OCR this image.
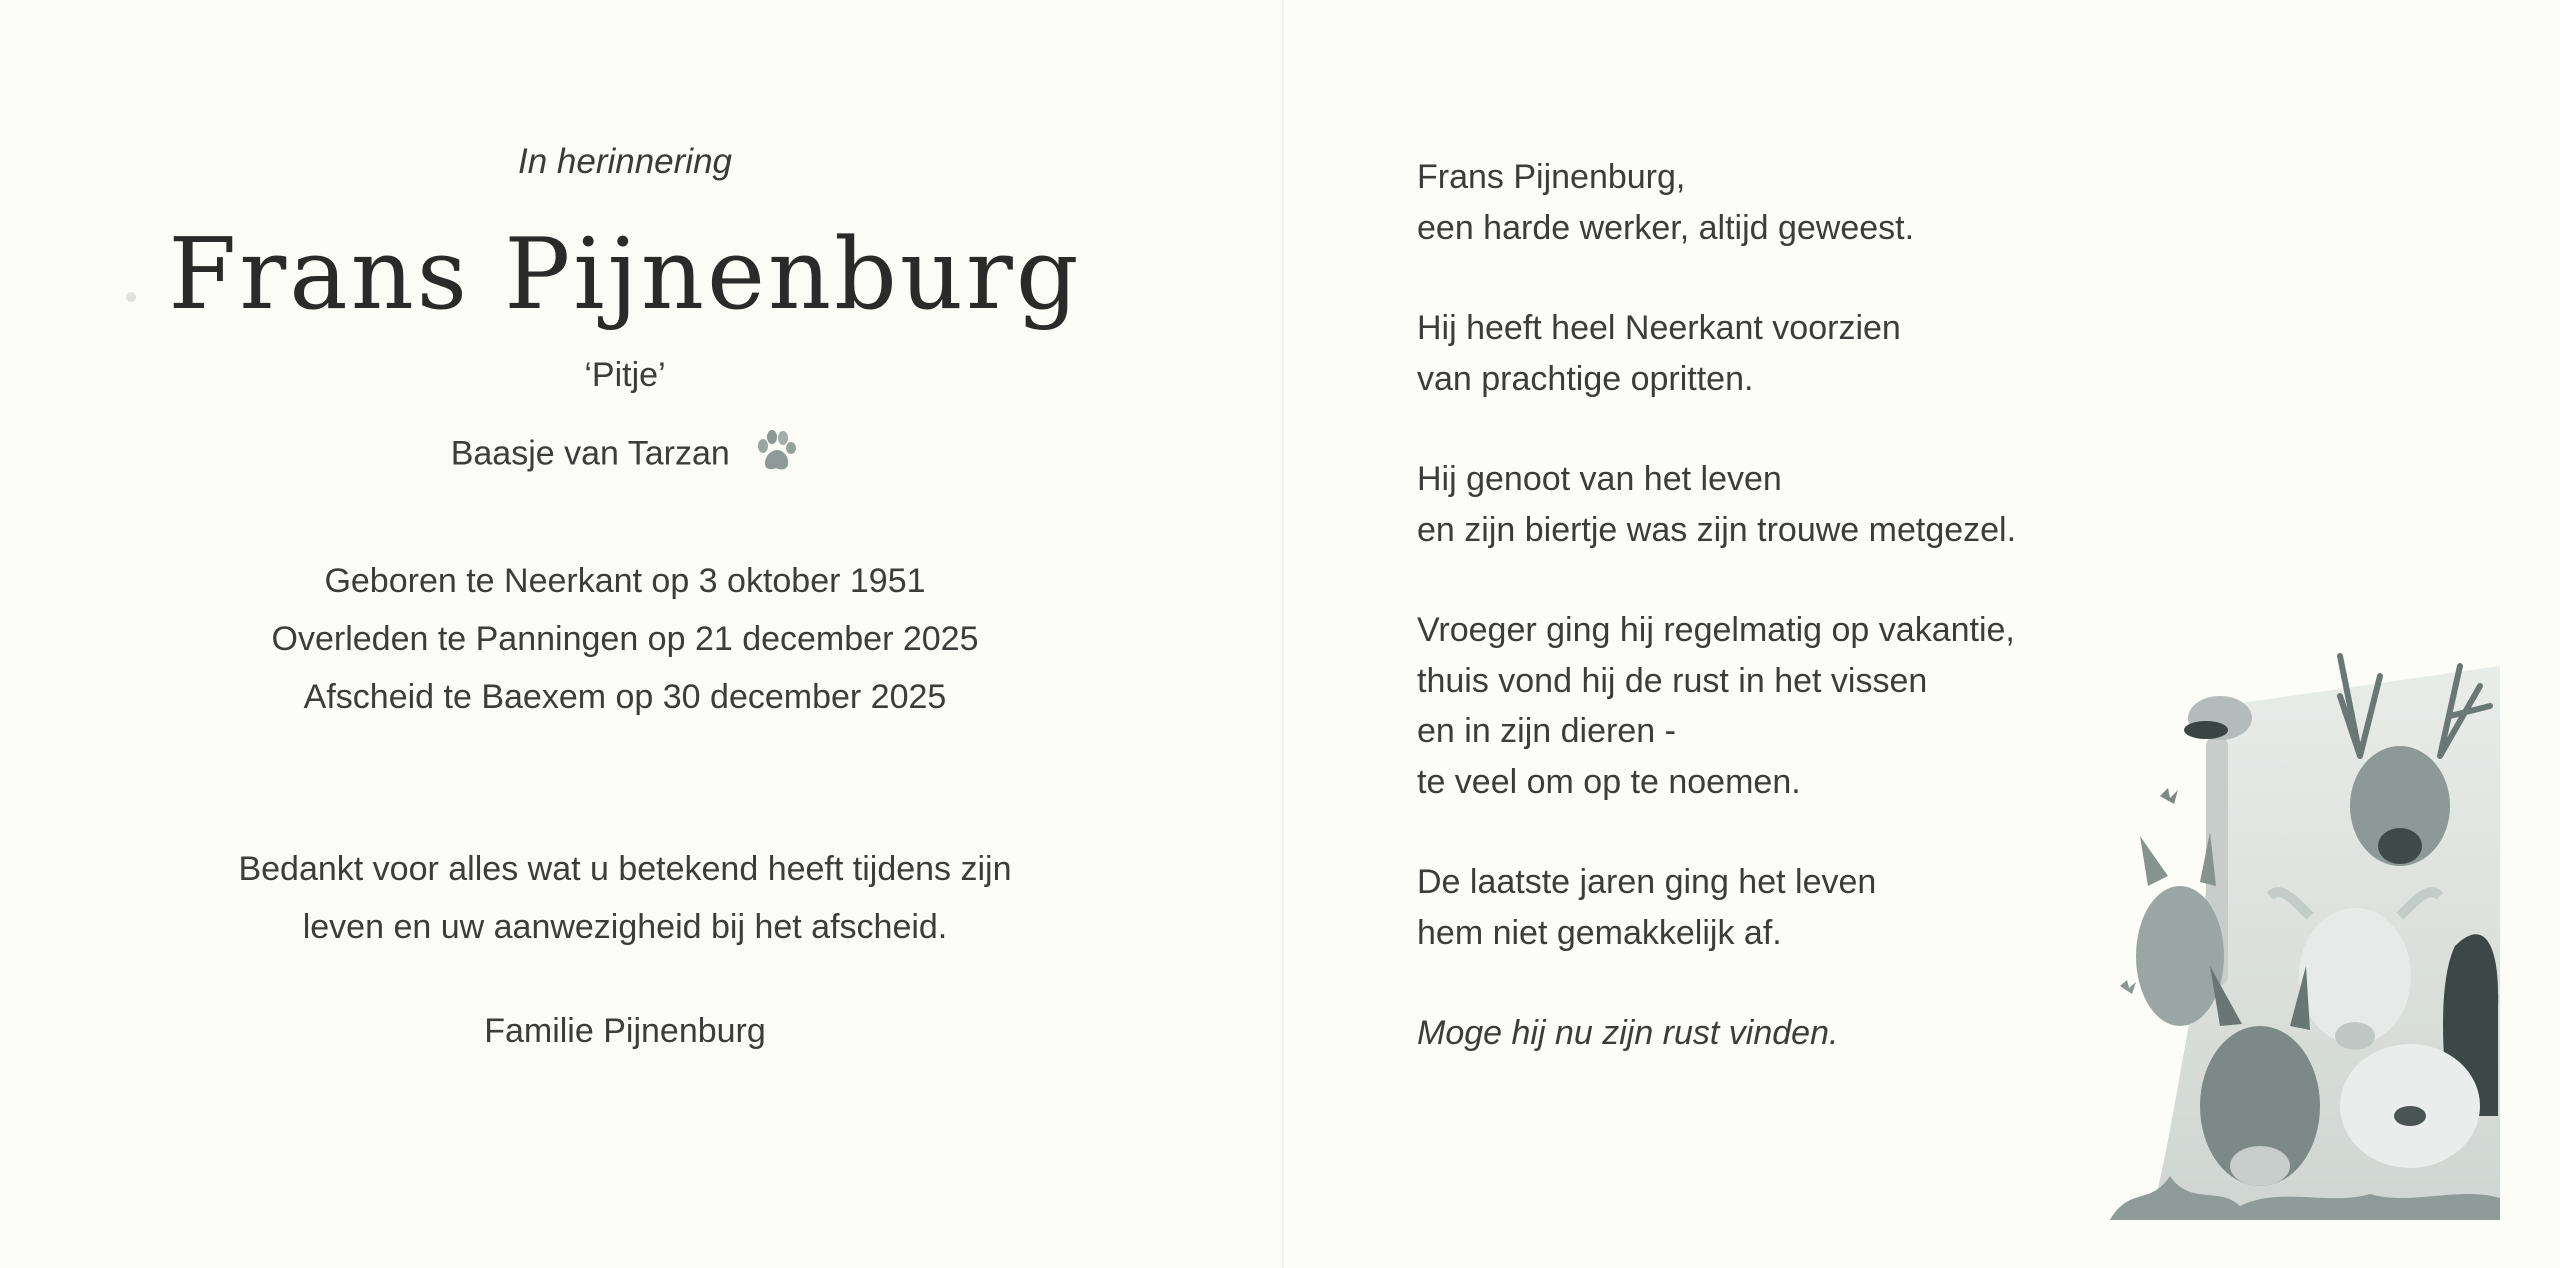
In herinnering
Frans Pijnenburg
‘Pitje’
Baasje van Tarzan
Geboren te Neerkant op 3 oktober 1951
Overleden te Panningen op 21 december 2025
Afscheid te Baexem op 30 december 2025
Bedankt voor alles wat u betekend heeft tijdens zijn
leven en uw aanwezigheid bij het afscheid.
Familie Pijnenburg
Frans Pijnenburg,
een harde werker, altijd geweest.
Hij heeft heel Neerkant voorzien
van prachtige opritten.
Hij genoot van het leven
en zijn biertje was zijn trouwe metgezel.
Vroeger ging hij regelmatig op vakantie,
thuis vond hij de rust in het vissen
en in zijn dieren -
te veel om op te noemen.
De laatste jaren ging het leven
hem niet gemakkelijk af.
Moge hij nu zijn rust vinden.
